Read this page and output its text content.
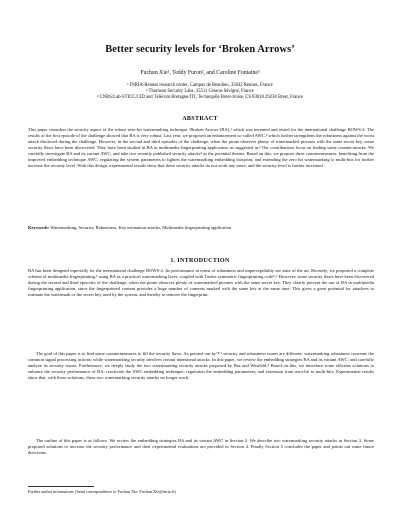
Better security levels for ‘Broken Arrows’
Fuchun Xie¹, Teddy Furon², and Caroline Fontaine³
¹ INRIA-Rennes research center, Campus de Beaulieu, 35042 Rennes, France
² Thomson Security Labs, 35511 Cesson-Sévigné, France
³ CNRS/Lab-STICC/CID and Télécom Bretagne/ITI, Technopôle Brest-Iroise, CS 83818 29238 Brest, France
ABSTRACT
This paper considers the security aspect of the robust zero-bit watermarking technique ‘Broken Arrows’(BA),¹ which was invented and tested for the international challenge BOWS-2. The results of the first episode of the challenge showed that BA is very robust. Last year, we proposed an enhancement so-called AWC,² which further strengthens the robustness against the worst attack disclosed during the challenge. However, in the second and third episodes of the challenge, when the pirate observes plenty of watermarked pictures with the same secret key, some security flaws have been discovered. They have been studied in BA in multimedia fingerprinting application, as suggested in.³ Our contributions focus on finding some counter-attacks. We carefully investigate BA and its variant AWC, and take two recently published security attacks⁴ as the potential threats. Based on this, we propose three countermeasures: benefiting from the improved embedding technique AWC; regulating the system parameters to lighten the watermarking embedding footprint; and extending the zero bit watermarking to multi-bits for further increase the security level. With this design, experimental results show that these security attacks do not work any more, and the security level is further increased.
Keywords: Watermarking, Security, Robustness, Key estimation attacks, Multimedia fingerprinting application
1. INTRODUCTION
BA has been designed especially for the international challenge BOWS-2. Its performance in terms of robustness and imperceptibility are state of the art. Recently, we proposed a complete scheme of multimedia fingerprinting,³ using BA as a practical watermarking layer, coupled with Tardos symmetric fingerprinting code⁵,⁶ However, some security flaws have been discovered during the second and third episodes of the challenge, when the pirate observes plenty of watermarked pictures with the same secret key. They clearly prevent the use of BA in multimedia fingerprinting application, since the fingerprinted content provides a huge number of contents marked with the same key at the same time. This gives a great potential for attackers to estimate the watermark or the secret key used by the system, and thereby to remove the fingerprint.
The goal of this paper is to find some countermeasures to fill the security flaws. As pointed out by⁷⁸,⁹ security and robustness issues are different: watermarking robustness concerns the common signal processing actions; while watermarking security involves certain intentional attacks. In this paper, we review the embedding strategies BA and its variant AWC; and carefully analyze its security issues. Furthermore, we deeply study the two watermarking security attacks proposed by Bas and Westfeld.⁴ Based on this, we introduce some efficient solutions to enhance the security performance of BA: reactivate the AWC embedding technique; regulation the embedding parameters; and extension from zero-bit to multi-bits. Experimental results show that, with these solutions, these two watermarking security attacks no longer work.
The outline of this paper is as follows. We review the embedding strategies BA and its variant AWC in Section 2. We describe two watermarking security attacks in Section 3. Some proposed solutions to increase the security performance and their experimental evaluations are provided in Section 4. Finally Section 5 concludes the paper and points out some future directions.
Further author information: (Send correspondence to Fuchun Xie: Fuchun.Xie@inria.fr)
